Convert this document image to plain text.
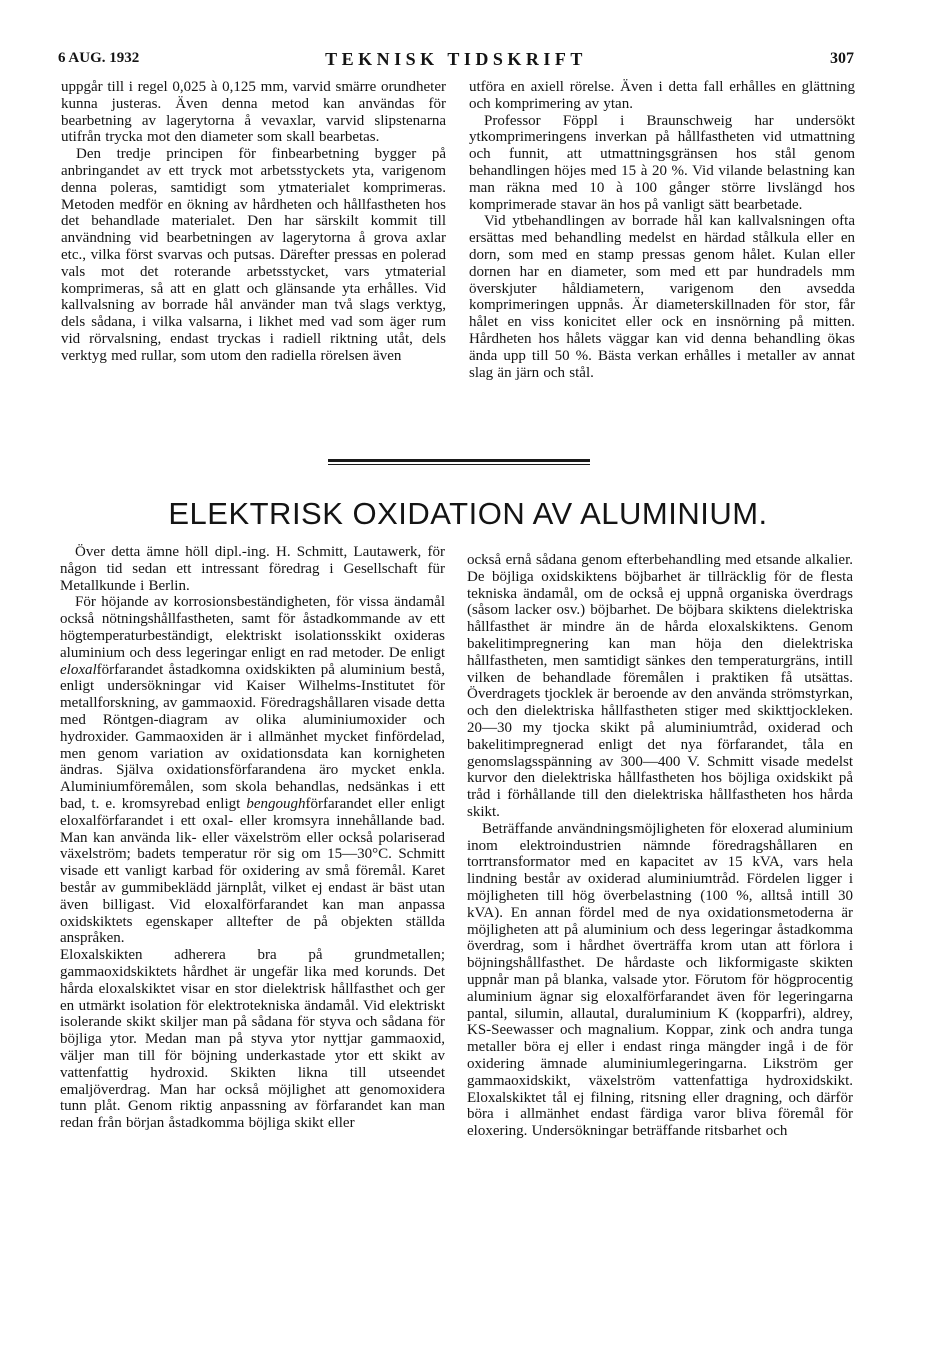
6 AUG. 1932	TEKNISK TIDSKRIFT	307

uppgår till i regel 0,025 à 0,125 mm, varvid smärre orundheter kunna justeras. Även denna metod kan användas för bearbetning av lagerytorna å vevaxlar, varvid slipstenarna utifrån trycka mot den diameter som skall bearbetas.

Den tredje principen för finbearbetning bygger på anbringandet av ett tryck mot arbetsstyckets yta, varigenom denna poleras, samtidigt som ytmaterialet komprimeras. Metoden medför en ökning av hårdheten och hållfastheten hos det behandlade materialet. Den har särskilt kommit till användning vid bearbetningen av lagerytorna å grova axlar etc., vilka först svarvas och putsas. Därefter pressas en polerad vals mot det roterande arbetsstycket, vars ytmaterial komprimeras, så att en glatt och glänsande yta erhålles. Vid kallvalsning av borrade hål använder man två slags verktyg, dels sådana, i vilka valsarna, i likhet med vad som äger rum vid rörvalsning, endast tryckas i radiell riktning utåt, dels verktyg med rullar, som utom den radiella rörelsen även

utföra en axiell rörelse. Även i detta fall erhålles en glättning och komprimering av ytan.

Professor Föppl i Braunschweig har undersökt ytkomprimeringens inverkan på hållfastheten vid utmattning och funnit, att utmattningsgränsen hos stål genom behandlingen höjes med 15 à 20 %. Vid vilande belastning kan man räkna med 10 à 100 gånger större livslängd hos komprimerade stavar än hos på vanligt sätt bearbetade.

Vid ytbehandlingen av borrade hål kan kallvalsningen ofta ersättas med behandling medelst en härdad stålkula eller en dorn, som med en stamp pressas genom hålet. Kulan eller dornen har en diameter, som med ett par hundradels mm överskjuter håldiametern, varigenom den avsedda komprimeringen uppnås. Är diameterskillnaden för stor, får hålet en viss konicitet eller ock en insnörning på mitten. Hårdheten hos hålets väggar kan vid denna behandling ökas ända upp till 50 %. Bästa verkan erhålles i metaller av annat slag än järn och stål.

ELEKTRISK OXIDATION AV ALUMINIUM.

Över detta ämne höll dipl.-ing. H. Schmitt, Lautawerk, för någon tid sedan ett intressant föredrag i Gesellschaft für Metallkunde i Berlin.

För höjande av korrosionsbeständigheten, för vissa ändamål också nötningshållfastheten, samt för åstadkommande av ett högtemperaturbeständigt, elektriskt isolationsskikt oxideras aluminium och dess legeringar enligt en rad metoder. De enligt eloxalförfarandet åstadkomna oxidskikten på aluminium bestå, enligt undersökningar vid Kaiser Wilhelms-Institutet för metallforskning, av gammaoxid. Föredragshållaren visade detta med Röntgen-diagram av olika aluminiumoxider och hydroxider. Gammaoxiden är i allmänhet mycket finfördelad, men genom variation av oxidationsdata kan kornigheten ändras. Själva oxidationsförfarandena äro mycket enkla. Aluminiumföremålen, som skola behandlas, nedsänkas i ett bad, t. e. kromsyrebad enligt bengoughförfarandet eller enligt eloxalförfarandet i ett oxal- eller kromsyra innehållande bad. Man kan använda lik- eller växelström eller också polariserad växelström; badets temperatur rör sig om 15—30°C. Schmitt visade ett vanligt karbad för oxidering av små föremål. Karet består av gummibeklädd järnplåt, vilket ej endast är bäst utan även billigast. Vid eloxalförfarandet kan man anpassa oxidskiktets egenskaper alltefter de på objekten ställda anspråken.

Eloxalskikten adherera bra på grundmetallen; gammaoxidskiktets hårdhet är ungefär lika med korunds. Det hårda eloxalskiktet visar en stor dielektrisk hållfasthet och ger en utmärkt isolation för elektrotekniska ändamål. Vid elektriskt isolerande skikt skiljer man på sådana för styva och sådana för böjliga ytor. Medan man på styva ytor nyttjar gammaoxid, väljer man till för böjning underkastade ytor ett skikt av vattenfattig hydroxid. Skikten likna till utseendet emaljöverdrag. Man har också möjlighet att genomoxidera tunn plåt. Genom riktig anpassning av förfarandet kan man redan från början åstadkomma böjliga skikt eller

också ernå sådana genom efterbehandling med etsande alkalier. De böjliga oxidskiktens böjbarhet är tillräcklig för de flesta tekniska ändamål, om de också ej uppnå organiska överdrags (såsom lacker osv.) böjbarhet. De böjbara skiktens dielektriska hållfasthet är mindre än de hårda eloxalskiktens. Genom bakelitimpregnering kan man höja den dielektriska hållfastheten, men samtidigt sänkes den temperaturgräns, intill vilken de behandlade föremålen i praktiken få utsättas. Överdragets tjocklek är beroende av den använda strömstyrkan, och den dielektriska hållfastheten stiger med skikttjockleken. 20—30 my tjocka skikt på aluminiumtråd, oxiderad och bakelitimpregnerad enligt det nya förfarandet, tåla en genomslagsspänning av 300—400 V. Schmitt visade medelst kurvor den dielektriska hållfastheten hos böjliga oxidskikt på tråd i förhållande till den dielektriska hållfastheten hos hårda skikt.

Beträffande användningsmöjligheten för eloxerad aluminium inom elektroindustrien nämnde föredragshållaren en torrtransformator med en kapacitet av 15 kVA, vars hela lindning består av oxiderad aluminiumtråd. Fördelen ligger i möjligheten till hög överbelastning (100 %, alltså intill 30 kVA). En annan fördel med de nya oxidationsmetoderna är möjligheten att på aluminium och dess legeringar åstadkomma överdrag, som i hårdhet överträffa krom utan att förlora i böjningshållfasthet. De hårdaste och likformigaste skikten uppnår man på blanka, valsade ytor. Förutom för högprocentig aluminium ägnar sig eloxalförfarandet även för legeringarna pantal, silumin, allautal, duraluminium K (kopparfri), aldrey, KS-Seewasser och magnalium. Koppar, zink och andra tunga metaller böra ej eller i endast ringa mängder ingå i de för oxidering ämnade aluminiumlegeringarna. Likström ger gammaoxidskikt, växelström vattenfattiga hydroxidskikt. Eloxalskiktet tål ej filning, ritsning eller dragning, och därför böra i allmänhet endast färdiga varor bliva föremål för eloxering. Undersökningar beträffande ritsbarhet och
